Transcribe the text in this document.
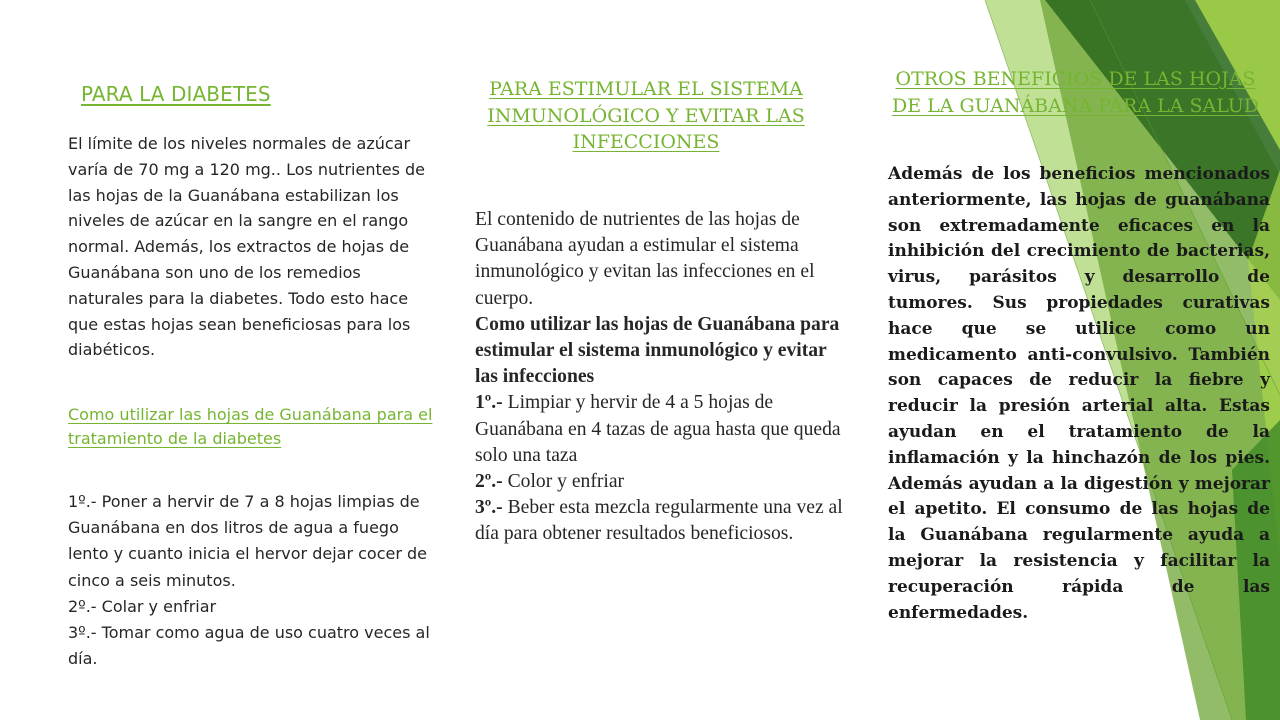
PARA LA DIABETES

El límite de los niveles normales de azúcar varía de 70 mg a 120 mg.. Los nutrientes de las hojas de la Guanábana estabilizan los niveles de azúcar en la sangre en el rango normal. Además, los extractos de hojas de Guanábana son uno de los remedios naturales para la diabetes. Todo esto hace que estas hojas sean beneficiosas para los diabéticos.

Como utilizar las hojas de Guanábana para el tratamiento de la diabetes

1º.- Poner a hervir de 7 a 8 hojas limpias de Guanábana en dos litros de agua a fuego lento y cuanto inicia el hervor dejar cocer de cinco a seis minutos.

2º.- Colar y enfriar

3º.- Tomar como agua de uso cuatro veces al día.

PARA ESTIMULAR EL SISTEMA INMUNOLÓGICO Y EVITAR LAS INFECCIONES

El contenido de nutrientes de las hojas de Guanábana ayudan a estimular el sistema inmunológico y evitan las infecciones en el cuerpo.

Como utilizar las hojas de Guanábana para estimular el sistema inmunológico y evitar las infecciones

1º.- Limpiar y hervir de 4 a 5 hojas de Guanábana en 4 tazas de agua hasta que queda solo una taza

2º.- Color y enfriar

3º.- Beber esta mezcla regularmente una vez al día para obtener resultados beneficiosos.

OTROS BENEFICIOS DE LAS HOJAS DE LA GUANÁBANA PARA LA SALUD

Además de los beneficios mencionados anteriormente, las hojas de guanábana son extremadamente eficaces en la inhibición del crecimiento de bacterias, virus, parásitos y desarrollo de tumores. Sus propiedades curativas hace que se utilice como un medicamento anti-convulsivo. También son capaces de reducir la fiebre y reducir la presión arterial alta. Estas ayudan en el tratamiento de la inflamación y la hinchazón de los pies. Además ayudan a la digestión y mejorar el apetito. El consumo de las hojas de la Guanábana regularmente ayuda a mejorar la resistencia y facilitar la recuperación rápida de las enfermedades.
